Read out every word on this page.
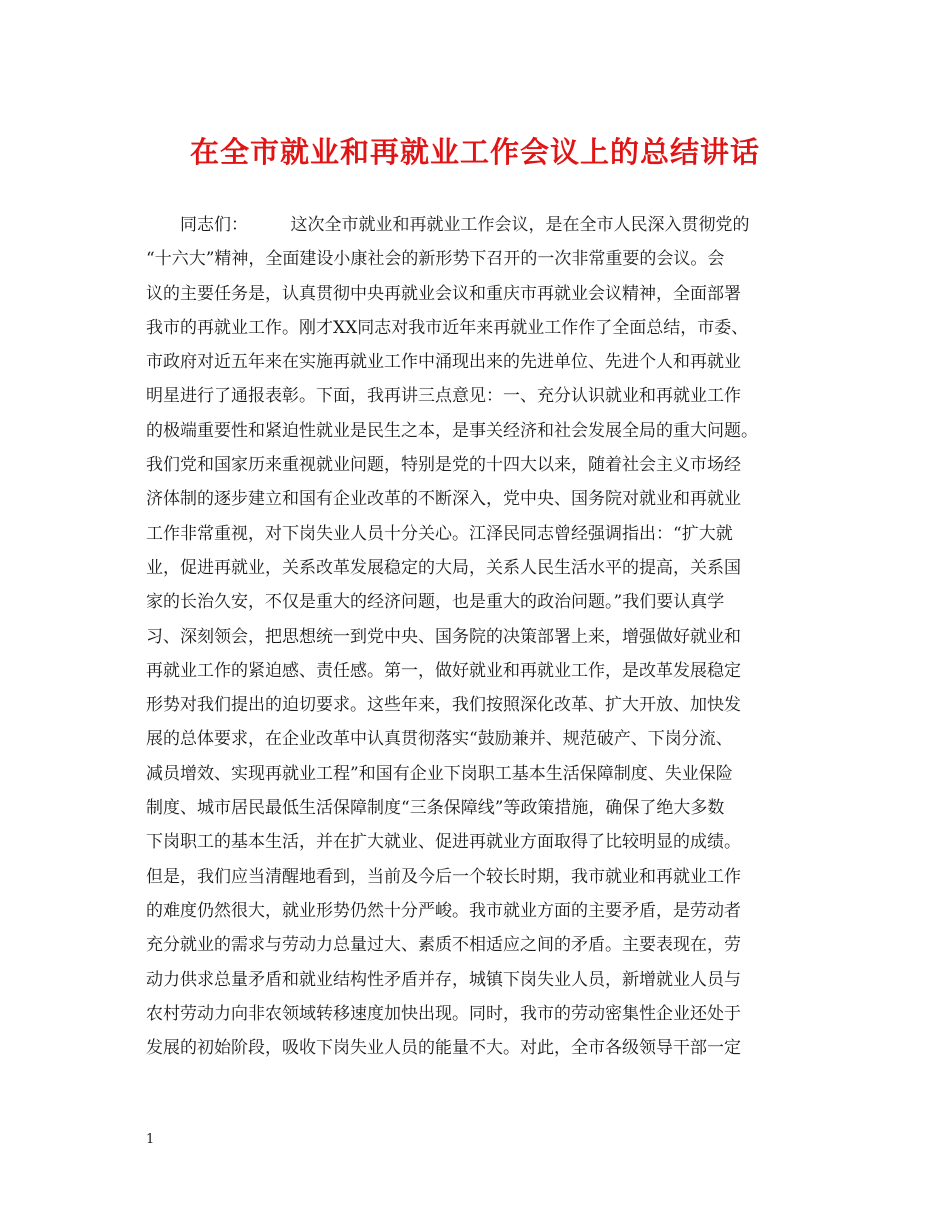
在全市就业和再就业工作会议上的总结讲话
同志们：　　　这次全市就业和再就业工作会议，是在全市人民深入贯彻党的
“十六大”精神，全面建设小康社会的新形势下召开的一次非常重要的会议。会
议的主要任务是，认真贯彻中央再就业会议和重庆市再就业会议精神，全面部署
我市的再就业工作。刚才XX同志对我市近年来再就业工作作了全面总结，市委、
市政府对近五年来在实施再就业工作中涌现出来的先进单位、先进个人和再就业
明星进行了通报表彰。下面，我再讲三点意见：一、充分认识就业和再就业工作
的极端重要性和紧迫性就业是民生之本，是事关经济和社会发展全局的重大问题。
我们党和国家历来重视就业问题，特别是党的十四大以来，随着社会主义市场经
济体制的逐步建立和国有企业改革的不断深入，党中央、国务院对就业和再就业
工作非常重视，对下岗失业人员十分关心。江泽民同志曾经强调指出：“扩大就
业，促进再就业，关系改革发展稳定的大局，关系人民生活水平的提高，关系国
家的长治久安，不仅是重大的经济问题，也是重大的政治问题。”我们要认真学
习、深刻领会，把思想统一到党中央、国务院的决策部署上来，增强做好就业和
再就业工作的紧迫感、责任感。第一，做好就业和再就业工作，是改革发展稳定
形势对我们提出的迫切要求。这些年来，我们按照深化改革、扩大开放、加快发
展的总体要求，在企业改革中认真贯彻落实“鼓励兼并、规范破产、下岗分流、
减员增效、实现再就业工程”和国有企业下岗职工基本生活保障制度、失业保险
制度、城市居民最低生活保障制度“三条保障线”等政策措施，确保了绝大多数
下岗职工的基本生活，并在扩大就业、促进再就业方面取得了比较明显的成绩。
但是，我们应当清醒地看到，当前及今后一个较长时期，我市就业和再就业工作
的难度仍然很大，就业形势仍然十分严峻。我市就业方面的主要矛盾，是劳动者
充分就业的需求与劳动力总量过大、素质不相适应之间的矛盾。主要表现在，劳
动力供求总量矛盾和就业结构性矛盾并存，城镇下岗失业人员，新增就业人员与
农村劳动力向非农领域转移速度加快出现。同时，我市的劳动密集性企业还处于
发展的初始阶段，吸收下岗失业人员的能量不大。对此，全市各级领导干部一定
1
